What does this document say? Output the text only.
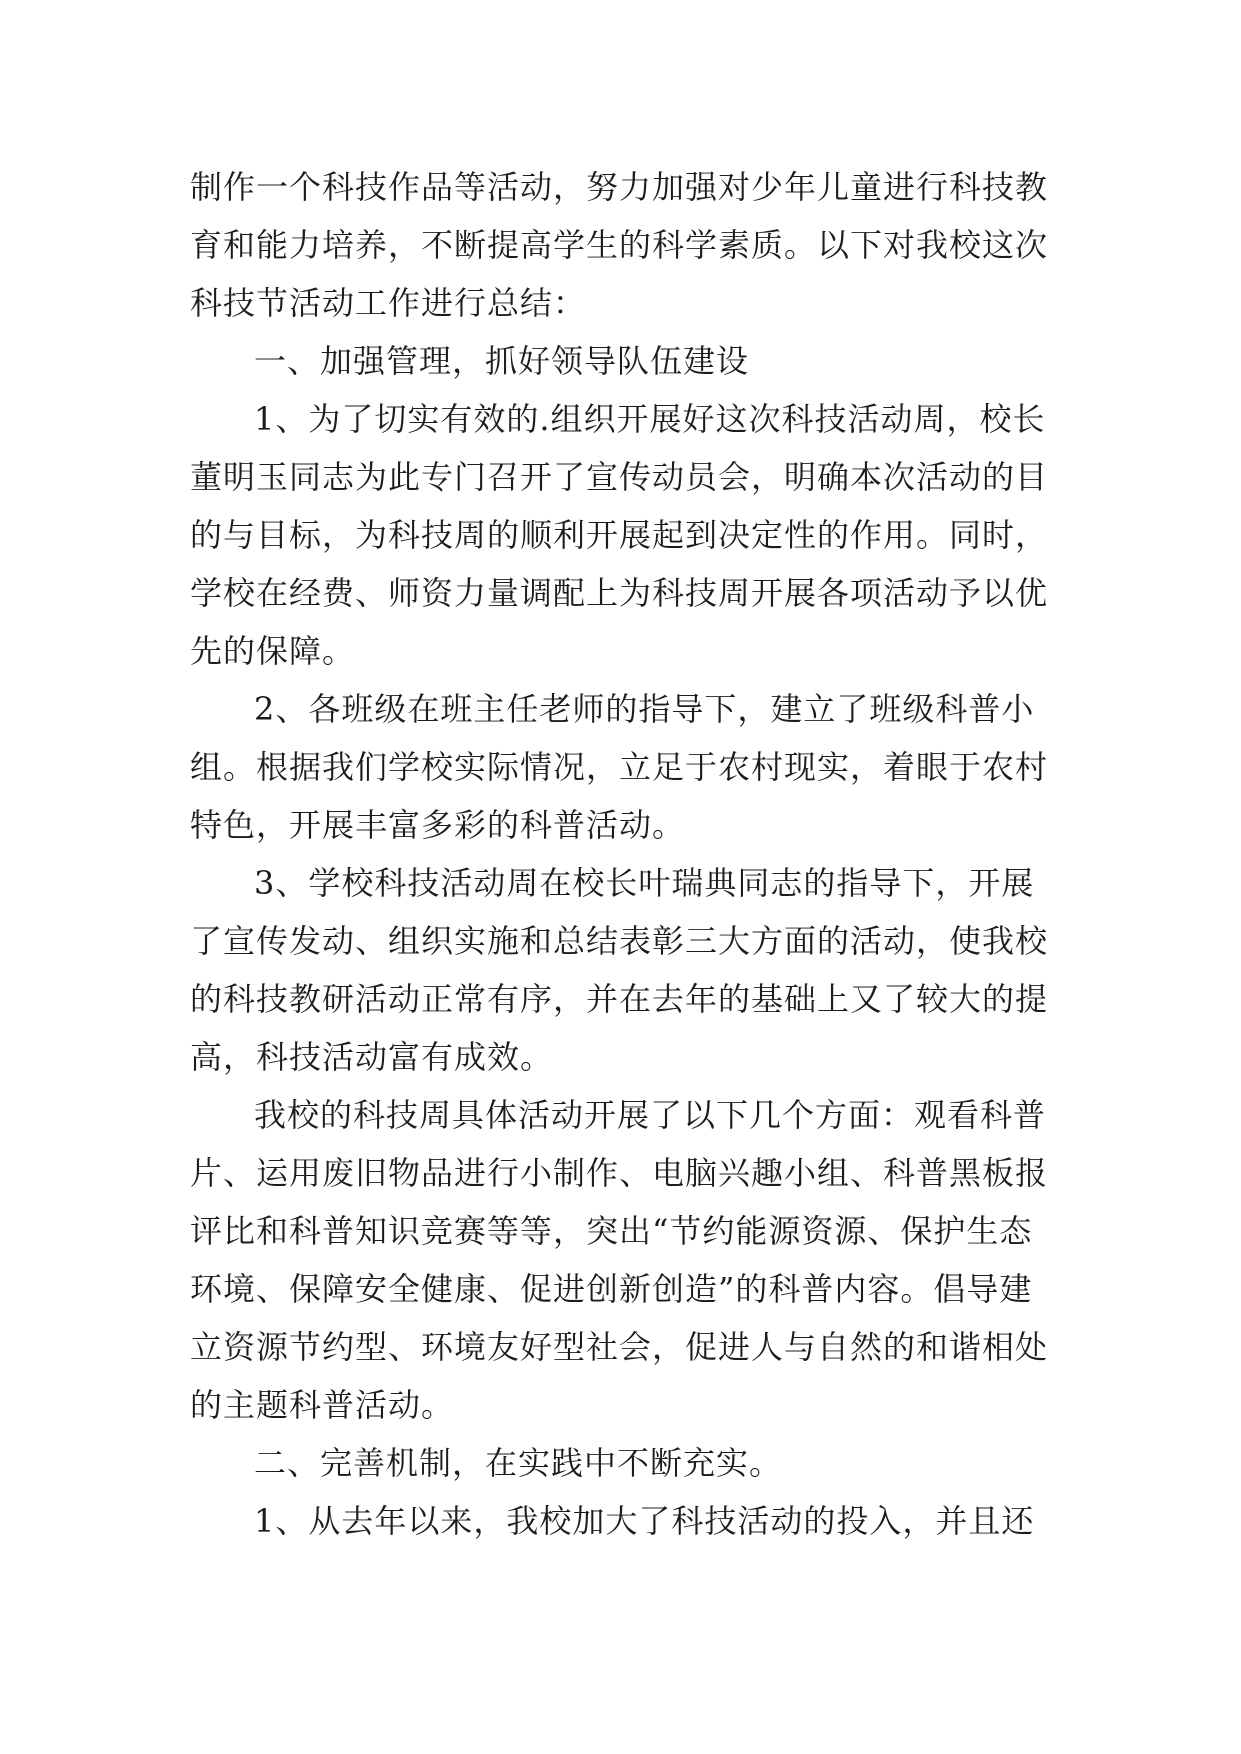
制作一个科技作品等活动，努力加强对少年儿童进行科技教
育和能力培养，不断提高学生的科学素质。以下对我校这次
科技节活动工作进行总结：
一、加强管理，抓好领导队伍建设
1、为了切实有效的.组织开展好这次科技活动周，校长
董明玉同志为此专门召开了宣传动员会，明确本次活动的目
的与目标，为科技周的顺利开展起到决定性的作用。同时，
学校在经费、师资力量调配上为科技周开展各项活动予以优
先的保障。
2、各班级在班主任老师的指导下，建立了班级科普小
组。根据我们学校实际情况，立足于农村现实，着眼于农村
特色，开展丰富多彩的科普活动。
3、学校科技活动周在校长叶瑞典同志的指导下，开展
了宣传发动、组织实施和总结表彰三大方面的活动，使我校
的科技教研活动正常有序，并在去年的基础上又了较大的提
高，科技活动富有成效。
我校的科技周具体活动开展了以下几个方面：观看科普
片、运用废旧物品进行小制作、电脑兴趣小组、科普黑板报
评比和科普知识竞赛等等，突出“节约能源资源、保护生态
环境、保障安全健康、促进创新创造”的科普内容。倡导建
立资源节约型、环境友好型社会，促进人与自然的和谐相处
的主题科普活动。
二、完善机制，在实践中不断充实。
1、从去年以来，我校加大了科技活动的投入，并且还
